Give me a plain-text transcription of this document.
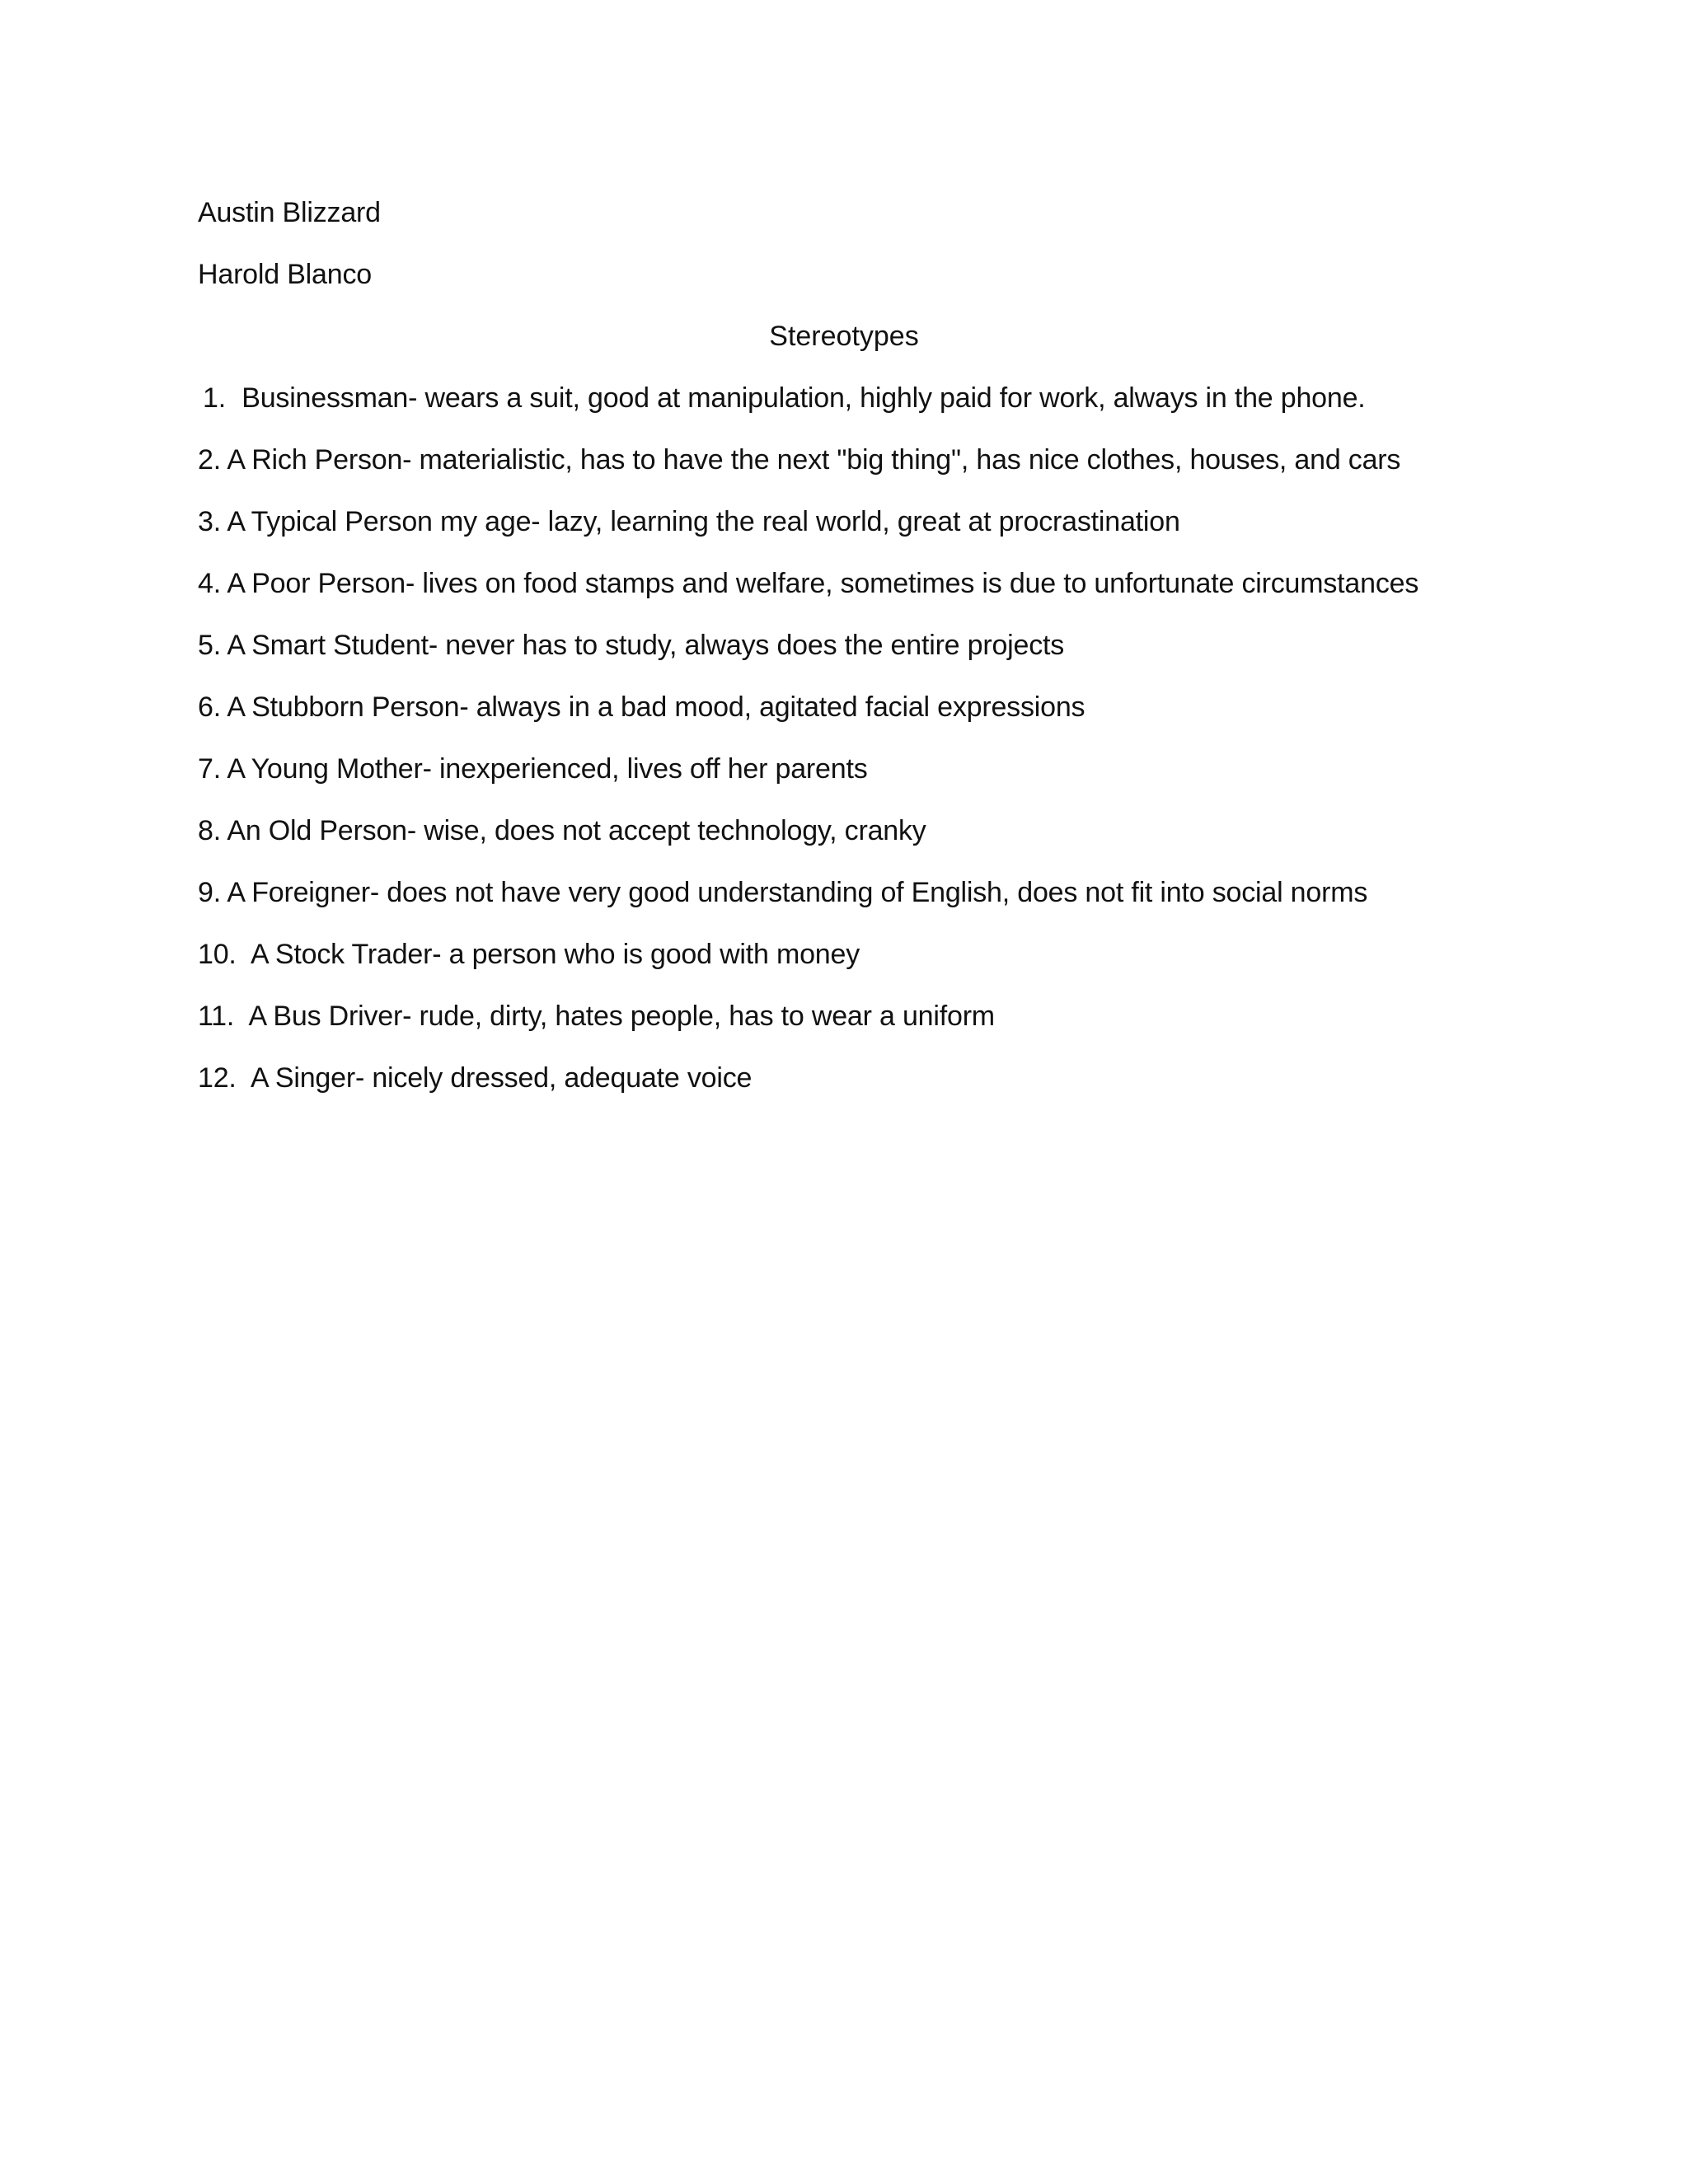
Austin Blizzard
Harold Blanco
Stereotypes
1. Businessman- wears a suit, good at manipulation, highly paid for work, always in the phone.
2. A Rich Person- materialistic, has to have the next "big thing", has nice clothes, houses, and cars
3. A Typical Person my age- lazy, learning the real world, great at procrastination
4. A Poor Person- lives on food stamps and welfare, sometimes is due to unfortunate circumstances
5. A Smart Student- never has to study, always does the entire projects
6. A Stubborn Person- always in a bad mood, agitated facial expressions
7. A Young Mother- inexperienced, lives off her parents
8. An Old Person- wise, does not accept technology, cranky
9. A Foreigner- does not have very good understanding of English, does not fit into social norms
10. A Stock Trader- a person who is good with money
11. A Bus Driver- rude, dirty, hates people, has to wear a uniform
12. A Singer- nicely dressed, adequate voice
